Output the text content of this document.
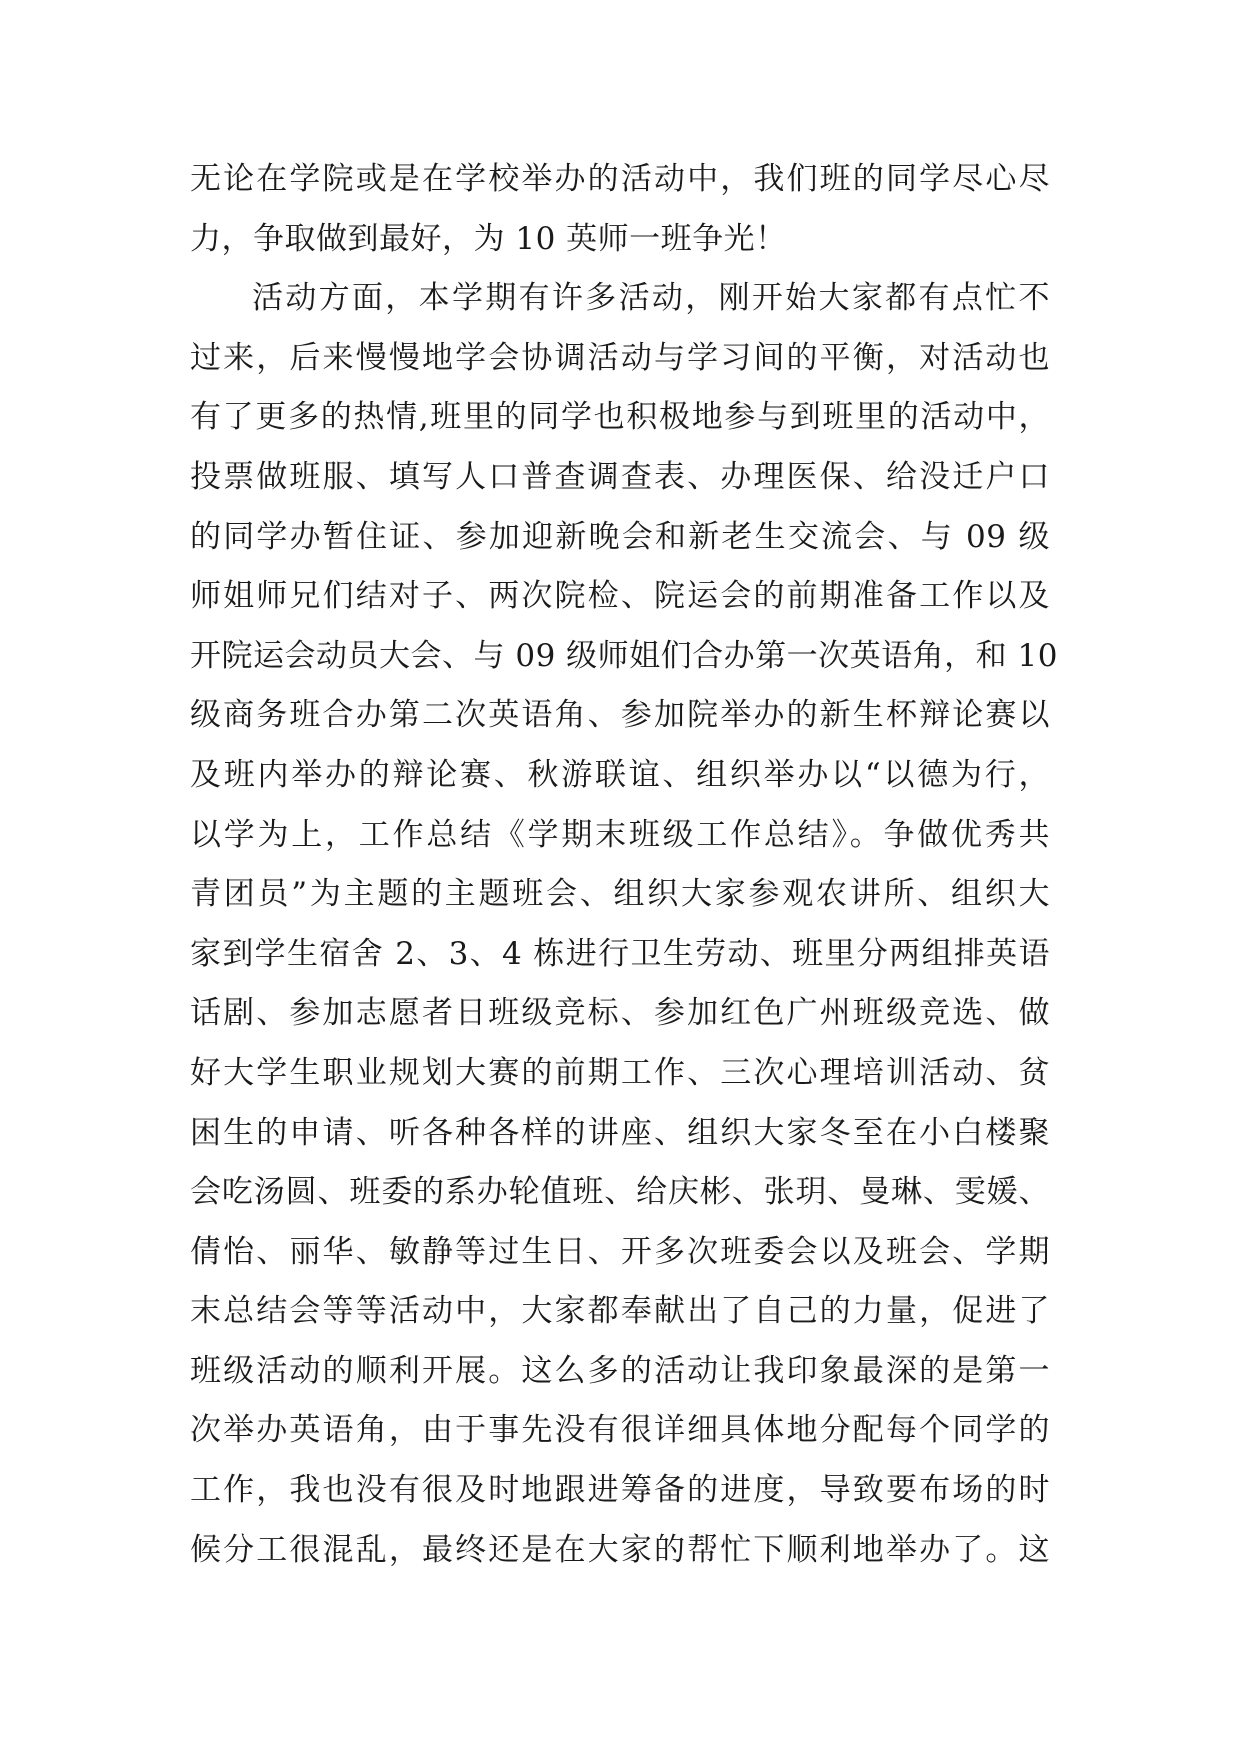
无论在学院或是在学校举办的活动中，我们班的同学尽心尽
力，争取做到最好，为 10 英师一班争光！
活动方面，本学期有许多活动，刚开始大家都有点忙不
过来，后来慢慢地学会协调活动与学习间的平衡，对活动也
有了更多的热情,班里的同学也积极地参与到班里的活动中，
投票做班服、填写人口普查调查表、办理医保、给没迁户口
的同学办暂住证、参加迎新晚会和新老生交流会、与 09 级
师姐师兄们结对子、两次院检、院运会的前期准备工作以及
开院运会动员大会、与 09 级师姐们合办第一次英语角，和 10
级商务班合办第二次英语角、参加院举办的新生杯辩论赛以
及班内举办的辩论赛、秋游联谊、组织举办以“以德为行，
以学为上，工作总结《学期末班级工作总结》。争做优秀共
青团员”为主题的主题班会、组织大家参观农讲所、组织大
家到学生宿舍 2、3、4 栋进行卫生劳动、班里分两组排英语
话剧、参加志愿者日班级竞标、参加红色广州班级竞选、做
好大学生职业规划大赛的前期工作、三次心理培训活动、贫
困生的申请、听各种各样的讲座、组织大家冬至在小白楼聚
会吃汤圆、班委的系办轮值班、给庆彬、张玥、曼琳、雯媛、
倩怡、丽华、敏静等过生日、开多次班委会以及班会、学期
末总结会等等活动中，大家都奉献出了自己的力量，促进了
班级活动的顺利开展。这么多的活动让我印象最深的是第一
次举办英语角，由于事先没有很详细具体地分配每个同学的
工作，我也没有很及时地跟进筹备的进度，导致要布场的时
候分工很混乱，最终还是在大家的帮忙下顺利地举办了。这
